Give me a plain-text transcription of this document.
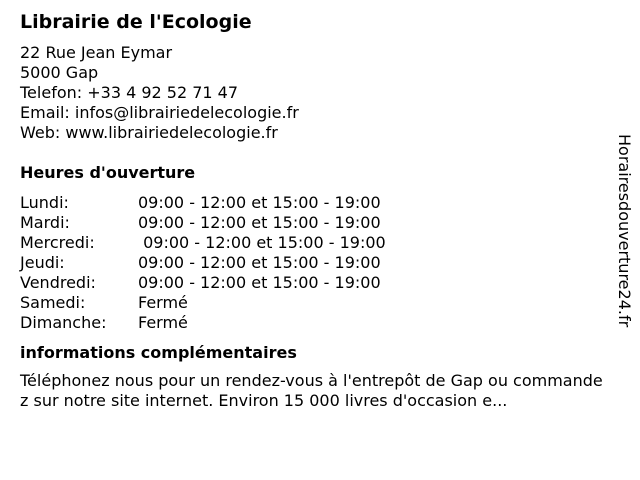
Librairie de l'Ecologie
22 Rue Jean Eymar
5000 Gap
Telefon: +33 4 92 52 71 47
Email: infos@librairiedelecologie.fr
Web: www.librairiedelecologie.fr
Heures d'ouverture
Lundi:	09:00 - 12:00 et 15:00 - 19:00
Mardi:	09:00 - 12:00 et 15:00 - 19:00
Mercredi:	09:00 - 12:00 et 15:00 - 19:00
Jeudi:	09:00 - 12:00 et 15:00 - 19:00
Vendredi:	09:00 - 12:00 et 15:00 - 19:00
Samedi:	Fermé
Dimanche:	Fermé
informations complémentaires
Téléphonez nous pour un rendez-vous à l'entrepôt de Gap ou commandez sur notre site internet. Environ 15 000 livres d'occasion e...
Horairesdouverture24.fr
